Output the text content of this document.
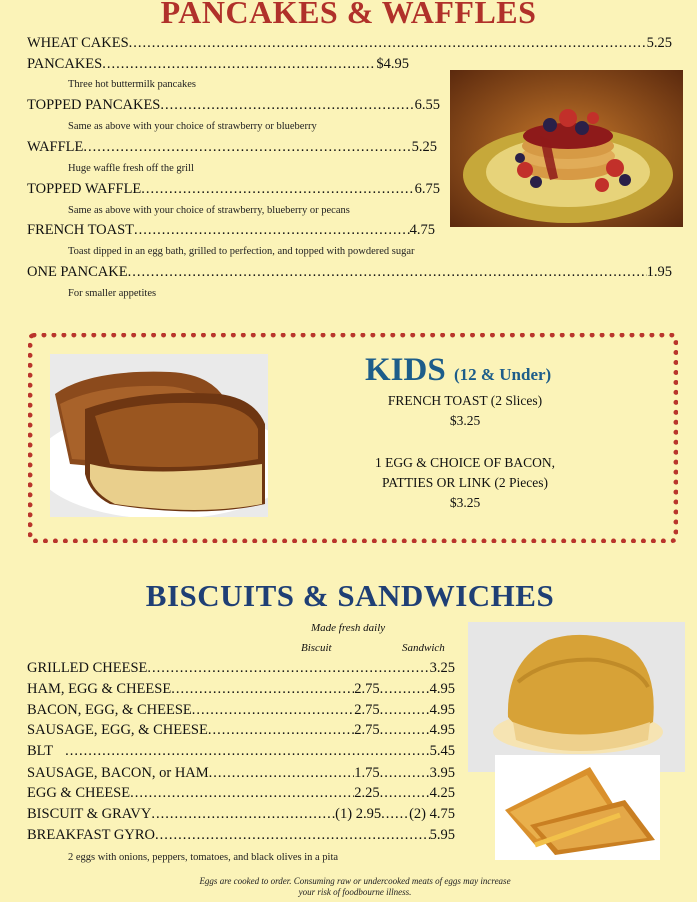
PANCAKES & WAFFLES
WHEAT CAKES .....	5.25
PANCAKES .....	$4.95
Three hot buttermilk pancakes
TOPPED PANCAKES .....	6.55
Same as above with your choice of strawberry or blueberry
WAFFLE .....	5.25
Huge waffle fresh off the grill
TOPPED WAFFLE .....	6.75
Same as above with your choice of strawberry, blueberry or pecans
FRENCH TOAST .....	4.75
Toast dipped in an egg bath, grilled to perfection, and topped with powdered sugar
ONE PANCAKE .....	1.95
For smaller appetites
KIDS (12 & Under)
FRENCH TOAST (2 Slices)
$3.25
1 EGG & CHOICE OF BACON,
PATTIES OR LINK (2 Pieces)
$3.25
BISCUITS & SANDWICHES
Made fresh daily
Biscuit	Sandwich
GRILLED CHEESE .....	3.25
HAM, EGG & CHEESE .....	2.75 .....	4.95
BACON, EGG, & CHEESE .....	2.75 .....	4.95
SAUSAGE, EGG, & CHEESE .....	2.75 .....	4.95
BLT .....	5.45
SAUSAGE, BACON, or HAM .....	1.75 .....	3.95
EGG & CHEESE .....	2.25 .....	4.25
BISCUIT & GRAVY .....	(1) 2.95 ..... (2) 4.75
BREAKFAST GYRO .....	5.95
2 eggs with onions, peppers, tomatoes, and black olives in a pita
Eggs are cooked to order. Consuming raw or undercooked meats of eggs may increase
your risk of foodbourne illness.
